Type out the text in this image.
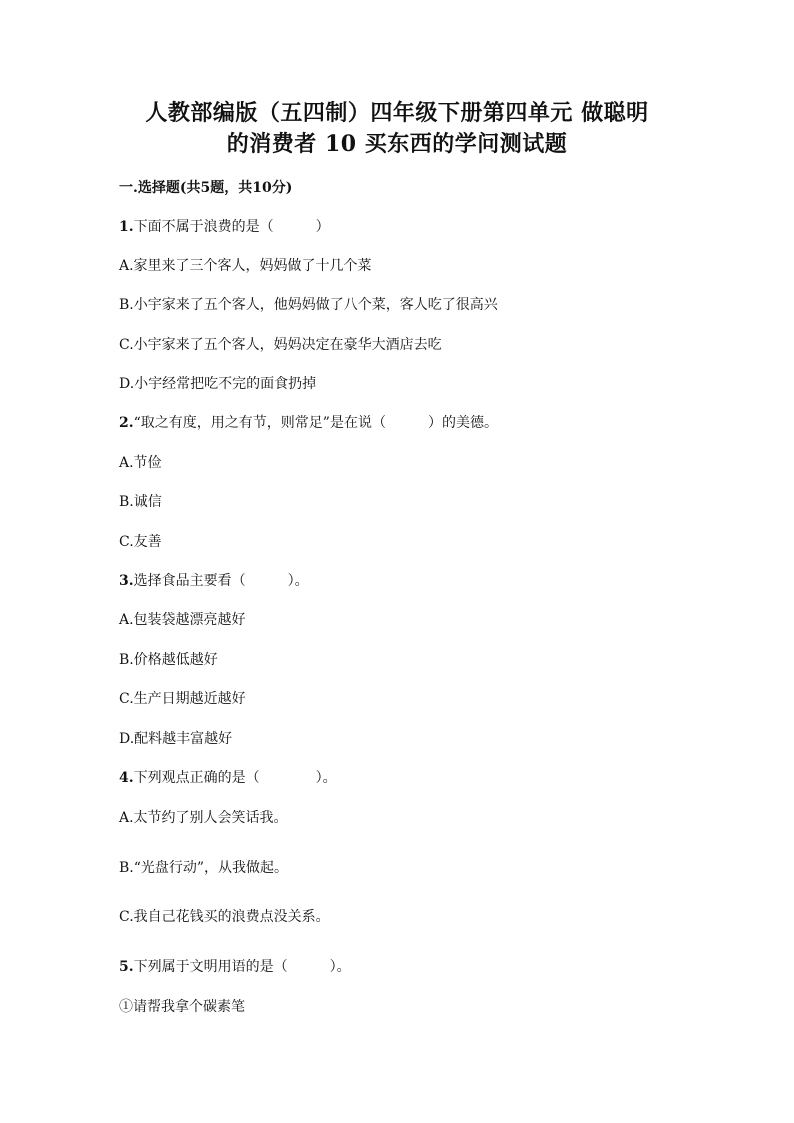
人教部编版（五四制）四年级下册第四单元 做聪明
的消费者 10 买东西的学问测试题
一.选择题(共5题，共10分)
1.下面不属于浪费的是（　　　）
A.家里来了三个客人，妈妈做了十几个菜
B.小宇家来了五个客人，他妈妈做了八个菜，客人吃了很高兴
C.小宇家来了五个客人，妈妈决定在豪华大酒店去吃
D.小宇经常把吃不完的面食扔掉
2.“取之有度，用之有节，则常足”是在说（　　　）的美德。
A.节俭
B.诚信
C.友善
3.选择食品主要看（　　　）。
A.包装袋越漂亮越好
B.价格越低越好
C.生产日期越近越好
D.配料越丰富越好
4.下列观点正确的是（　　　　）。
A.太节约了别人会笑话我。
B.“光盘行动”，从我做起。
C.我自己花钱买的浪费点没关系。
5.下列属于文明用语的是（　　　）。
①请帮我拿个碳素笔
